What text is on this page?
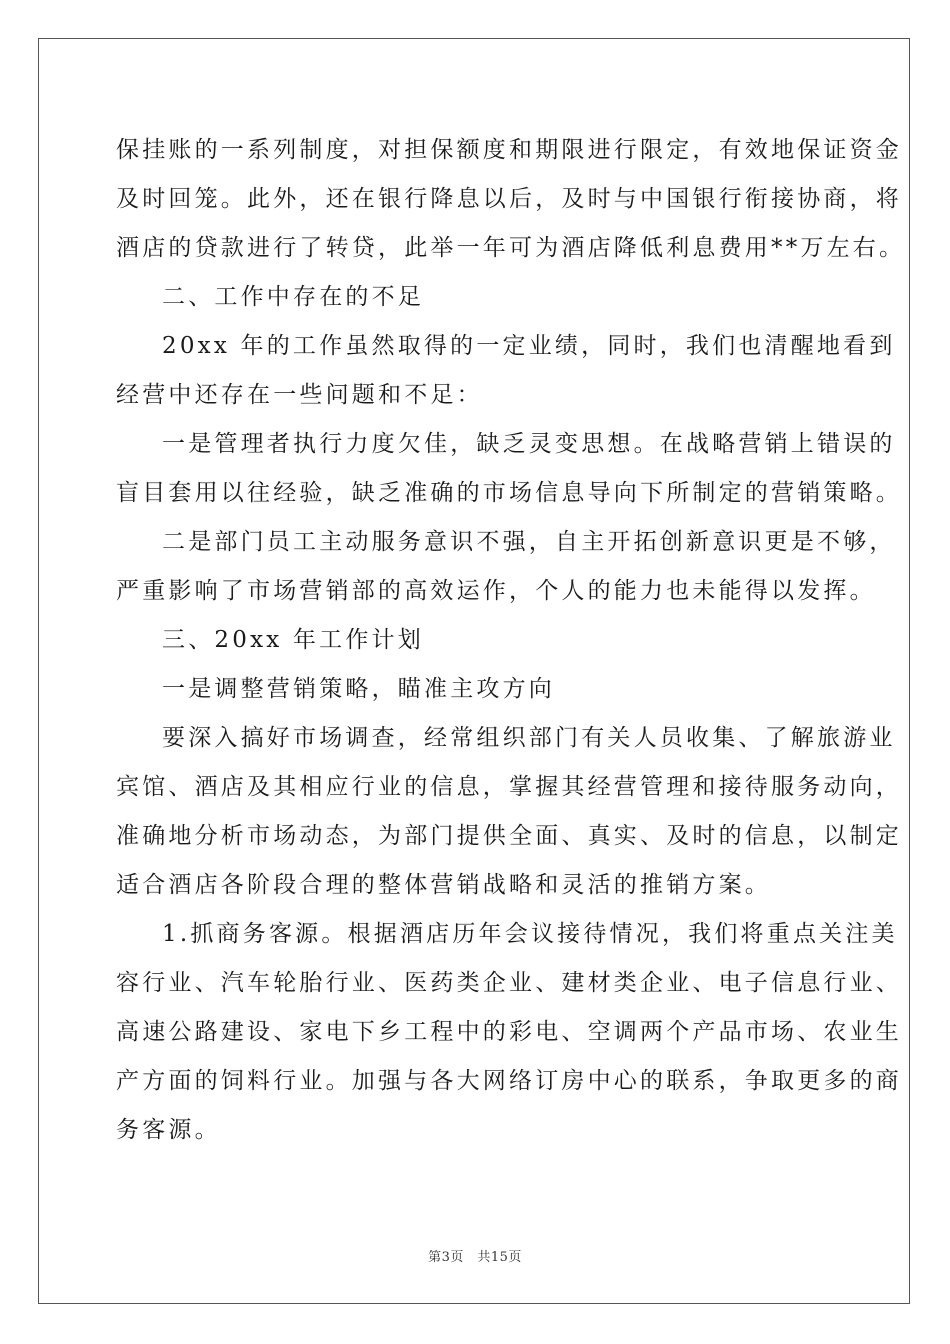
保挂账的一系列制度，对担保额度和期限进行限定，有效地保证资金
及时回笼。此外，还在银行降息以后，及时与中国银行衔接协商，将
酒店的贷款进行了转贷，此举一年可为酒店降低利息费用**万左右。
二、工作中存在的不足
20xx 年的工作虽然取得的一定业绩，同时，我们也清醒地看到
经营中还存在一些问题和不足：
一是管理者执行力度欠佳，缺乏灵变思想。在战略营销上错误的
盲目套用以往经验，缺乏准确的市场信息导向下所制定的营销策略。
二是部门员工主动服务意识不强，自主开拓创新意识更是不够，
严重影响了市场营销部的高效运作，个人的能力也未能得以发挥。
三、20xx 年工作计划
一是调整营销策略，瞄准主攻方向
要深入搞好市场调查，经常组织部门有关人员收集、了解旅游业
宾馆、酒店及其相应行业的信息，掌握其经营管理和接待服务动向，
准确地分析市场动态，为部门提供全面、真实、及时的信息，以制定
适合酒店各阶段合理的整体营销战略和灵活的推销方案。
1.抓商务客源。根据酒店历年会议接待情况，我们将重点关注美
容行业、汽车轮胎行业、医药类企业、建材类企业、电子信息行业、
高速公路建设、家电下乡工程中的彩电、空调两个产品市场、农业生
产方面的饲料行业。加强与各大网络订房中心的联系，争取更多的商
务客源。
第3页　共15页
